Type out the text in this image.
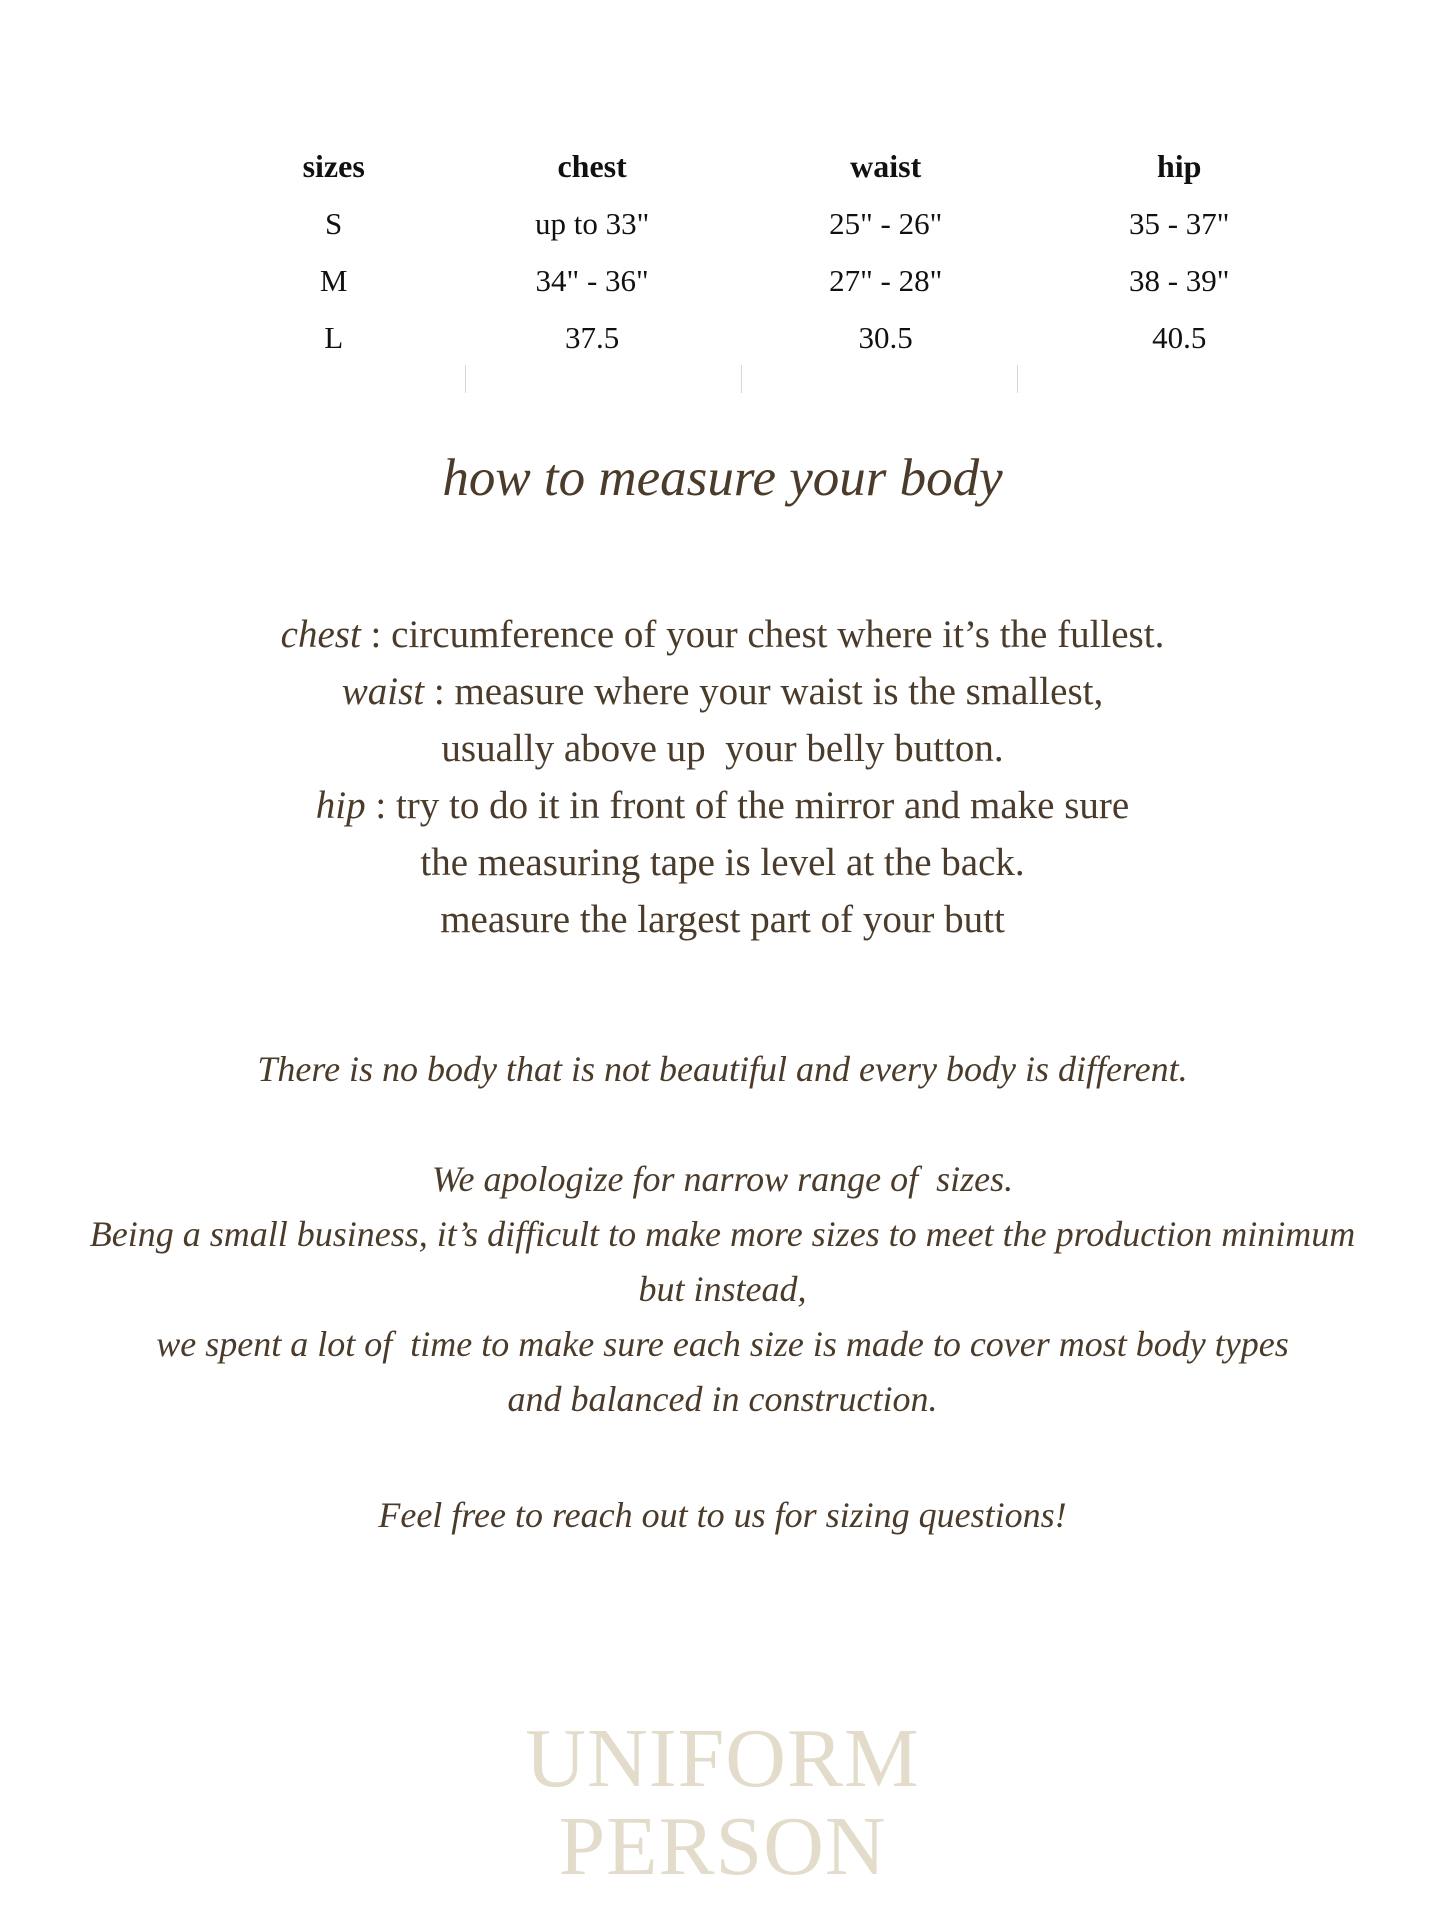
sizes	chest	waist	hip
S	up to 33"	25" - 26"	35 - 37"
M	34" - 36"	27" - 28"	38 - 39"
L	37.5	30.5	40.5
how to measure your body
chest : circumference of your chest where it’s the fullest.
waist : measure where your waist is the smallest,
usually above up  your belly button.
hip : try to do it in front of the mirror and make sure
the measuring tape is level at the back.
measure the largest part of your butt
There is no body that is not beautiful and every body is different.
We apologize for narrow range of  sizes.
Being a small business, it’s difficult to make more sizes to meet the production minimum
but instead,
we spent a lot of  time to make sure each size is made to cover most body types
and balanced in construction.
Feel free to reach out to us for sizing questions!
UNIFORM
PERSON
